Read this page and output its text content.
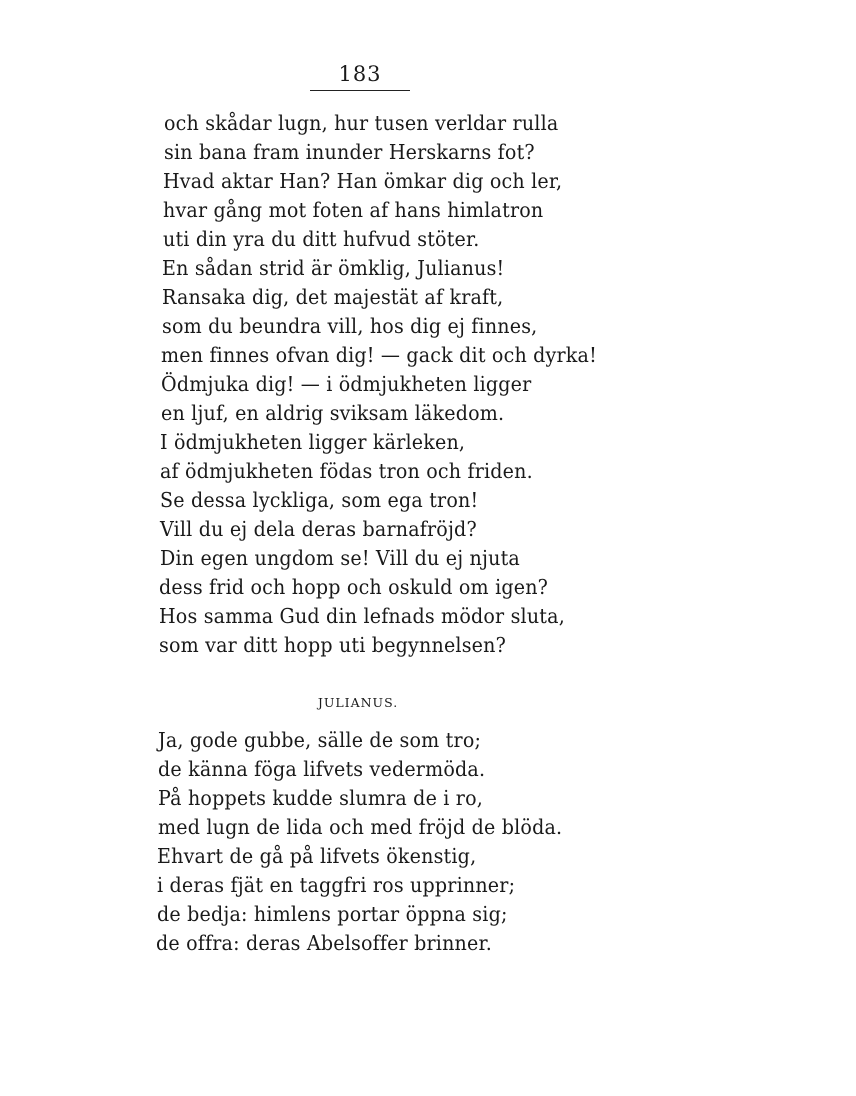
183
och skådar lugn, hur tusen verldar rulla
sin bana fram inunder Herskarns fot?
Hvad aktar Han? Han ömkar dig och ler,
hvar gång mot foten af hans himlatron
uti din yra du ditt hufvud stöter.
En sådan strid är ömklig, Julianus!
Ransaka dig, det majestät af kraft,
som du beundra vill, hos dig ej finnes,
men finnes ofvan dig! — gack dit och dyrka!
Ödmjuka dig! — i ödmjukheten ligger
en ljuf, en aldrig sviksam läkedom.
I ödmjukheten ligger kärleken,
af ödmjukheten födas tron och friden.
Se dessa lyckliga, som ega tron!
Vill du ej dela deras barnafröjd?
Din egen ungdom se! Vill du ej njuta
dess frid och hopp och oskuld om igen?
Hos samma Gud din lefnads mödor sluta,
som var ditt hopp uti begynnelsen?
JULIANUS.
Ja, gode gubbe, sälle de som tro;
de känna föga lifvets vedermöda.
På hoppets kudde slumra de i ro,
med lugn de lida och med fröjd de blöda.
Ehvart de gå på lifvets ökenstig,
i deras fjät en taggfri ros upprinner;
de bedja: himlens portar öppna sig;
de offra: deras Abelsoffer brinner.
